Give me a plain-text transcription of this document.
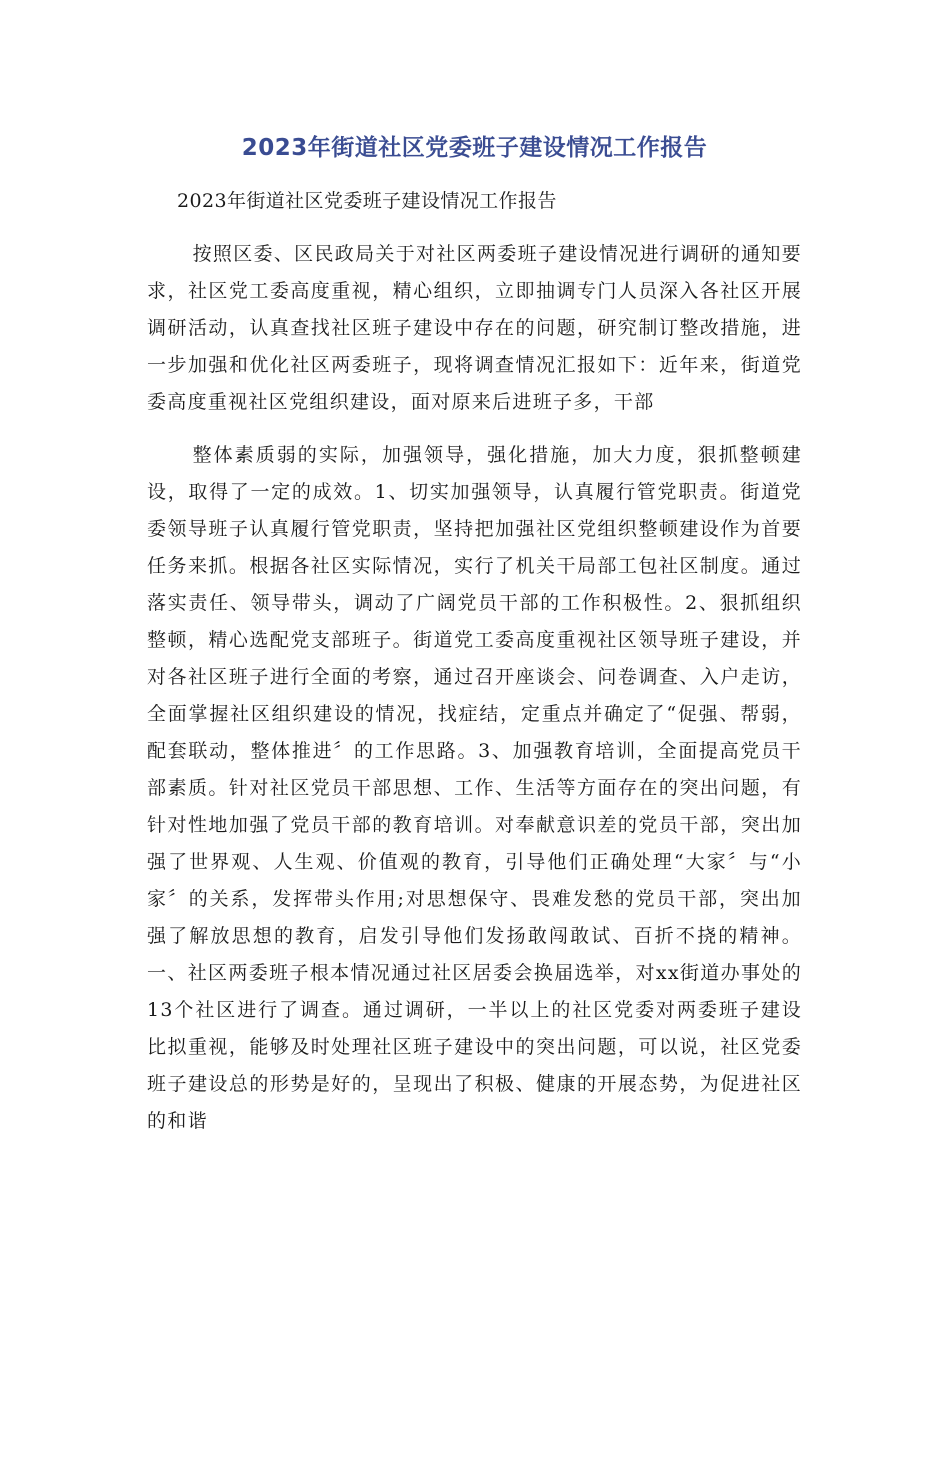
2023年街道社区党委班子建设情况工作报告
2023年街道社区党委班子建设情况工作报告

按照区委、区民政局关于对社区两委班子建设情况进行调研的通知要求，社区党工委高度重视，精心组织，立即抽调专门人员深入各社区开展调研活动，认真查找社区班子建设中存在的问题，研究制订整改措施，进一步加强和优化社区两委班子，现将调查情况汇报如下：近年来，街道党委高度重视社区党组织建设，面对原来后进班子多，干部

整体素质弱的实际，加强领导，强化措施，加大力度，狠抓整顿建设，取得了一定的成效。1、切实加强领导，认真履行管党职责。街道党委领导班子认真履行管党职责，坚持把加强社区党组织整顿建设作为首要任务来抓。根据各社区实际情况，实行了机关干局部工包社区制度。通过落实责任、领导带头，调动了广阔党员干部的工作积极性。2、狠抓组织整顿，精心选配党支部班子。街道党工委高度重视社区领导班子建设，并对各社区班子进行全面的考察，通过召开座谈会、问卷调查、入户走访，全面掌握社区组织建设的情况，找症结，定重点并确定了“促强、帮弱，配套联动，整体推进〞的工作思路。3、加强教育培训，全面提高党员干部素质。针对社区党员干部思想、工作、生活等方面存在的突出问题，有针对性地加强了党员干部的教育培训。对奉献意识差的党员干部，突出加强了世界观、人生观、价值观的教育，引导他们正确处理“大家〞与“小家〞的关系，发挥带头作用;对思想保守、畏难发愁的党员干部，突出加强了解放思想的教育，启发引导他们发扬敢闯敢试、百折不挠的精神。一、社区两委班子根本情况通过社区居委会换届选举，对xx街道办事处的13个社区进行了调查。通过调研，一半以上的社区党委对两委班子建设比拟重视，能够及时处理社区班子建设中的突出问题，可以说，社区党委班子建设总的形势是好的，呈现出了积极、健康的开展态势，为促进社区的和谐
